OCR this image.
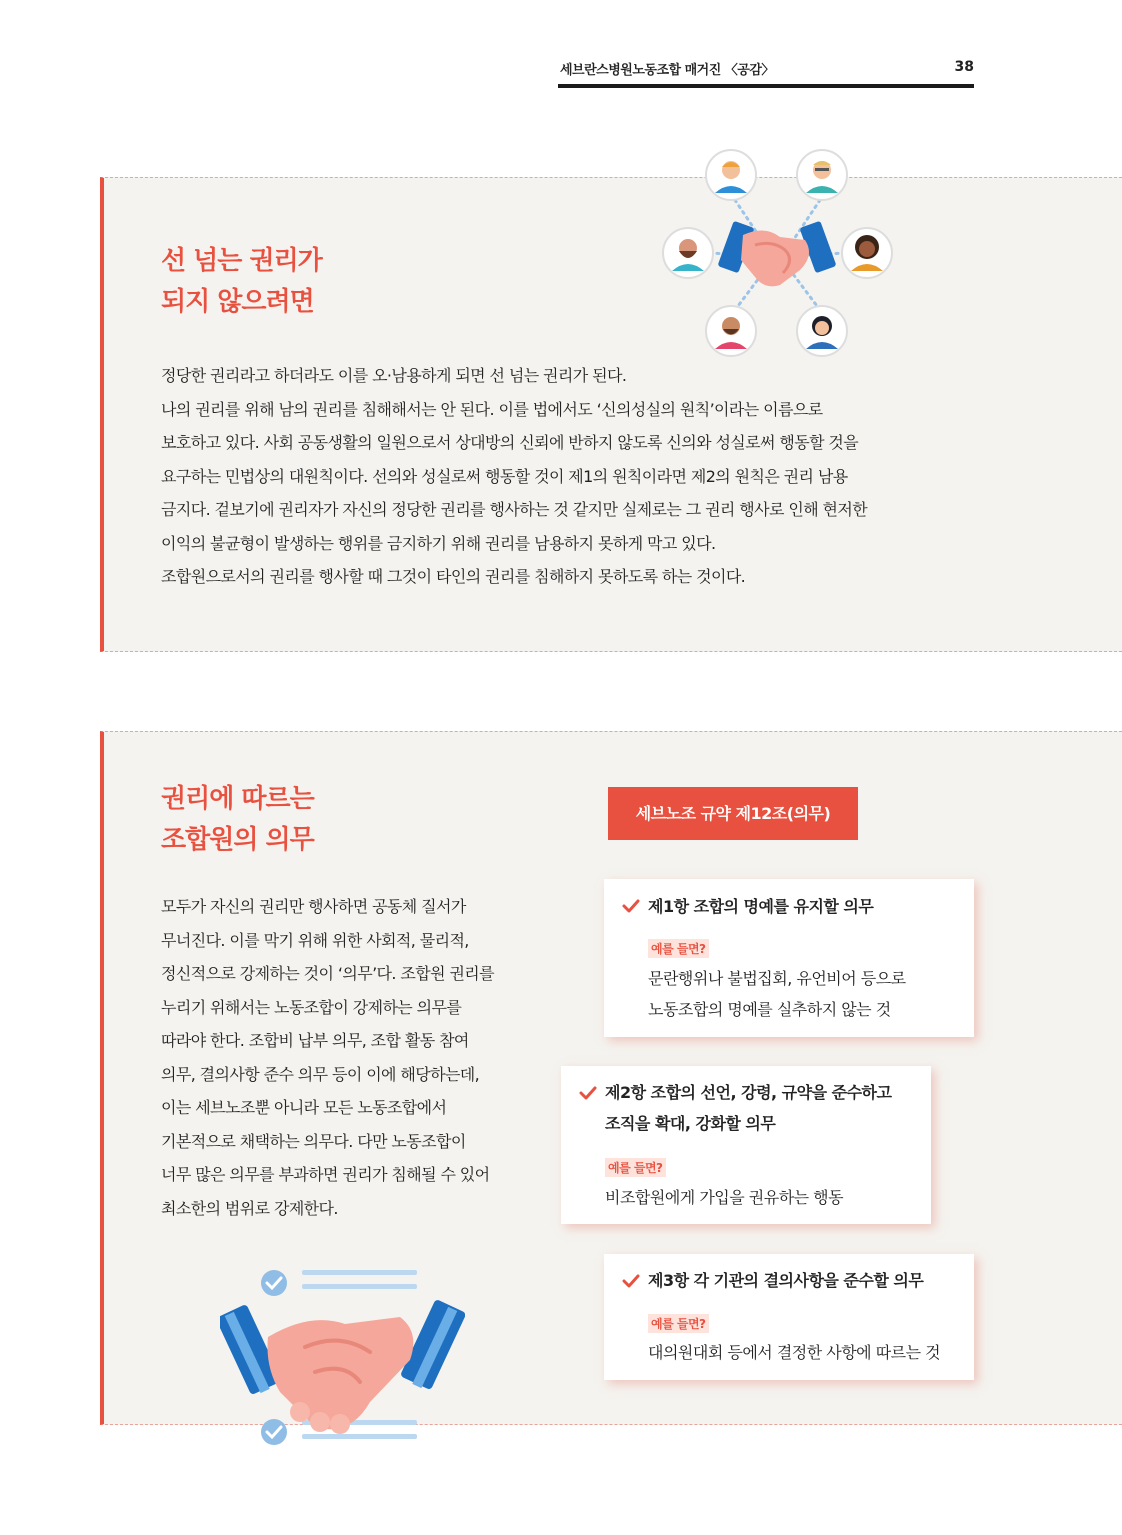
세브란스병원노동조합 매거진 〈공감〉	38
선 넘는 권리가
되지 않으려면
정당한 권리라고 하더라도 이를 오·남용하게 되면 선 넘는 권리가 된다.
나의 권리를 위해 남의 권리를 침해해서는 안 된다. 이를 법에서도 ‘신의성실의 원칙’이라는 이름으로
보호하고 있다. 사회 공동생활의 일원으로서 상대방의 신뢰에 반하지 않도록 신의와 성실로써 행동할 것을
요구하는 민법상의 대원칙이다. 선의와 성실로써 행동할 것이 제1의 원칙이라면 제2의 원칙은 권리 남용
금지다. 겉보기에 권리자가 자신의 정당한 권리를 행사하는 것 같지만 실제로는 그 권리 행사로 인해 현저한
이익의 불균형이 발생하는 행위를 금지하기 위해 권리를 남용하지 못하게 막고 있다.
조합원으로서의 권리를 행사할 때 그것이 타인의 권리를 침해하지 못하도록 하는 것이다.
권리에 따르는
조합원의 의무
모두가 자신의 권리만 행사하면 공동체 질서가
무너진다. 이를 막기 위해 위한 사회적, 물리적,
정신적으로 강제하는 것이 ‘의무’다. 조합원 권리를
누리기 위해서는 노동조합이 강제하는 의무를
따라야 한다. 조합비 납부 의무, 조합 활동 참여
의무, 결의사항 준수 의무 등이 이에 해당하는데,
이는 세브노조뿐 아니라 모든 노동조합에서
기본적으로 채택하는 의무다. 다만 노동조합이
너무 많은 의무를 부과하면 권리가 침해될 수 있어
최소한의 범위로 강제한다.
세브노조 규약 제12조(의무)
제1항 조합의 명예를 유지할 의무
예를 들면?
문란행위나 불법집회, 유언비어 등으로
노동조합의 명예를 실추하지 않는 것
제2항 조합의 선언, 강령, 규약을 준수하고
조직을 확대, 강화할 의무
예를 들면?
비조합원에게 가입을 권유하는 행동
제3항 각 기관의 결의사항을 준수할 의무
예를 들면?
대의원대회 등에서 결정한 사항에 따르는 것
